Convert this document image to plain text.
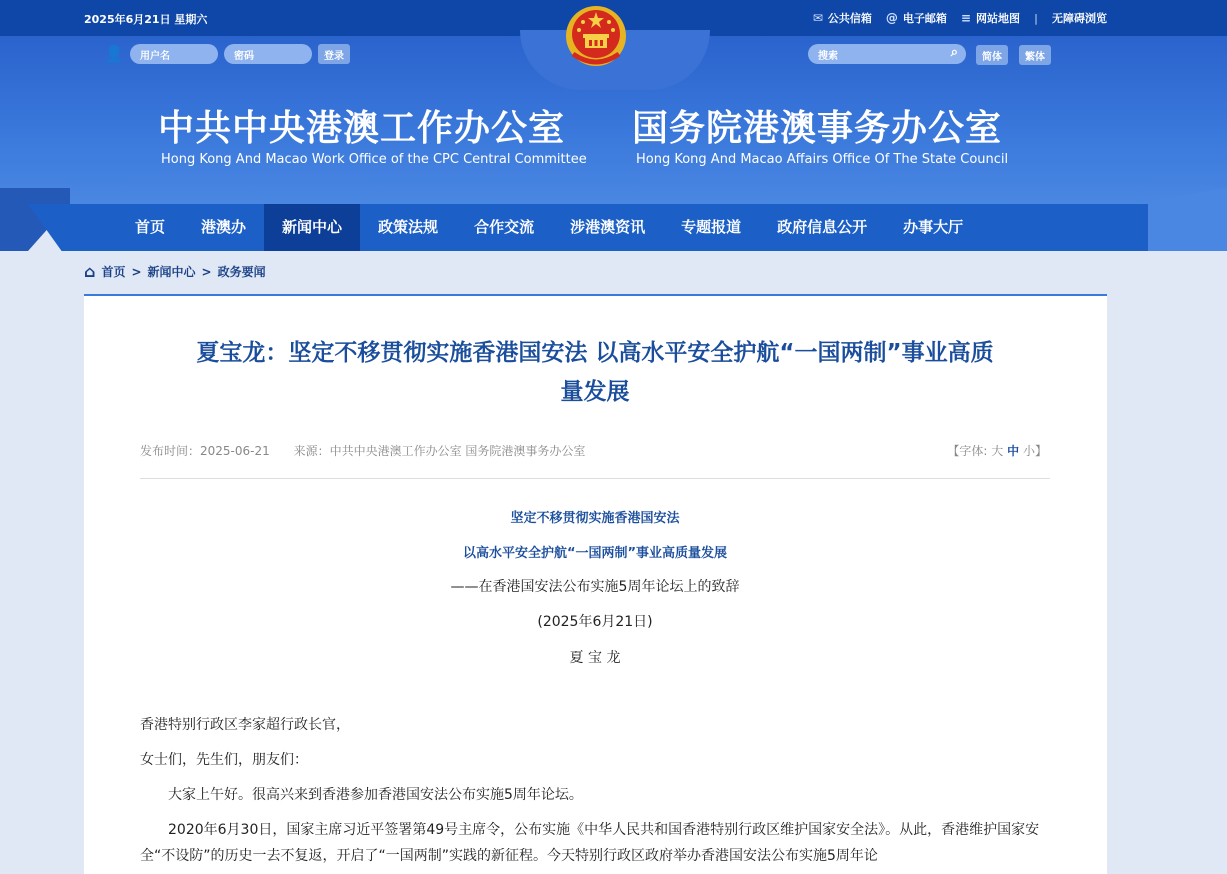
2025年6月21日 星期六	✉ 公共信箱 @ 电子邮箱 ≡ 网站地图 | 无障碍浏览
👤	用户名	密码	登录	搜索	⌕	简体	繁体
中共中央港澳工作办公室
Hong Kong And Macao Work Office of the CPC Central Committee
国务院港澳事务办公室
Hong Kong And Macao Affairs Office Of The State Council
首页	港澳办	新闻中心	政策法规	合作交流	涉港澳资讯	专题报道	政府信息公开	办事大厅
⌂ 首页 > 新闻中心 > 政务要闻
夏宝龙：坚定不移贯彻实施香港国安法 以高水平安全护航“一国两制”事业高质
量发展
发布时间：2025-06-21 来源：中共中央港澳工作办公室 国务院港澳事务办公室	【字体: 大 中 小】
坚定不移贯彻实施香港国安法
以高水平安全护航“一国两制”事业高质量发展
——在香港国安法公布实施5周年论坛上的致辞
(2025年6月21日)
夏 宝 龙
香港特别行政区李家超行政长官，
女士们，先生们，朋友们：
大家上午好。很高兴来到香港参加香港国安法公布实施5周年论坛。
2020年6月30日，国家主席习近平签署第49号主席令，公布实施《中华人民共和国香港特别行政区维护国家安全法》。从此，香港维护国家安全“不设防”的历史一去不复返，开启了“一国两制”实践的新征程。今天特别行政区政府举办香港国安法公布实施5周年论
